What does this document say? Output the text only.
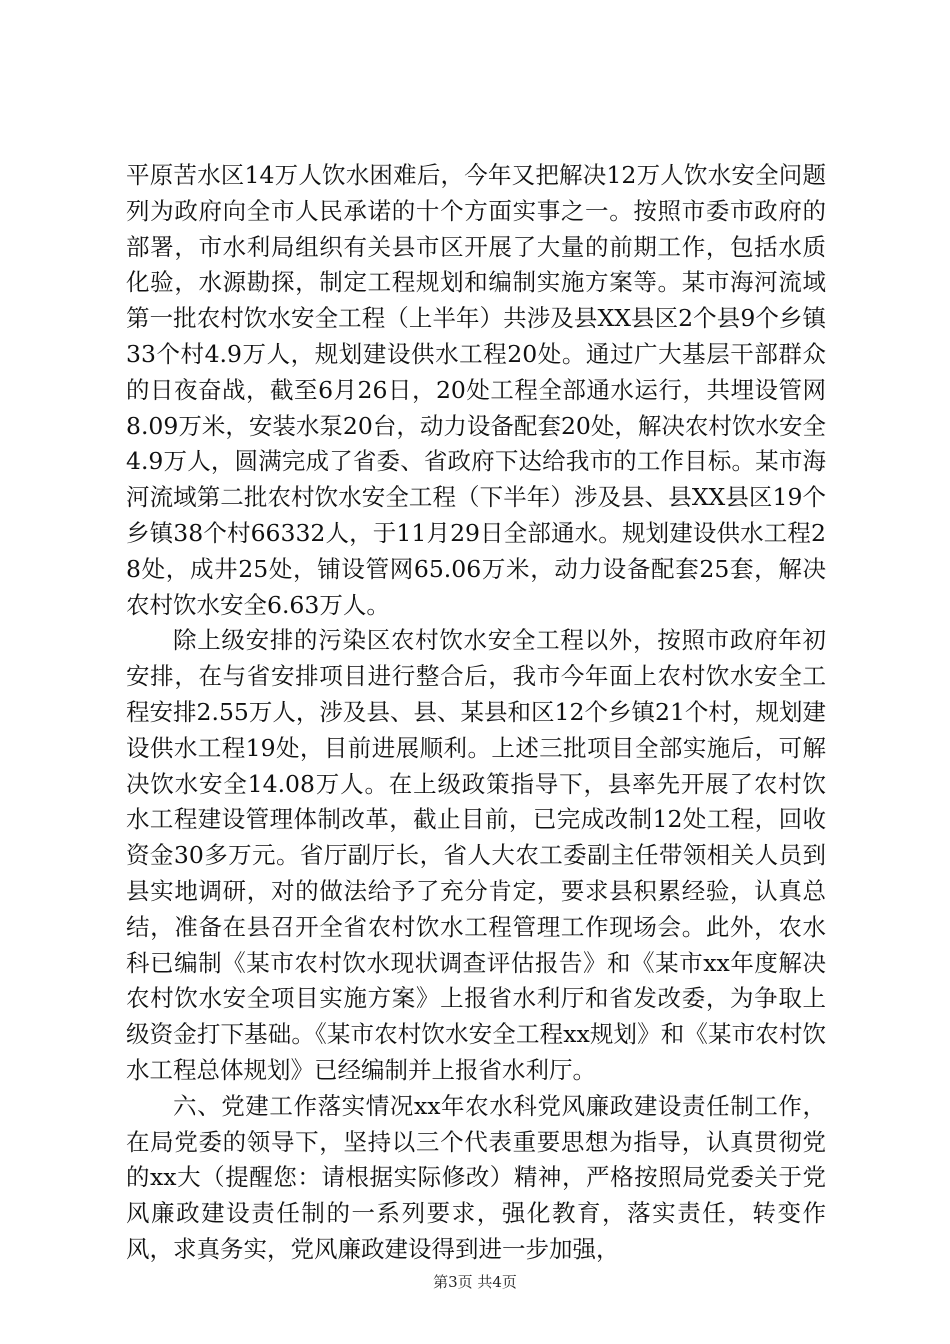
平原苦水区14万人饮水困难后，今年又把解决12万人饮水安全问题列为政府向全市人民承诺的十个方面实事之一。按照市委市政府的部署，市水利局组织有关县市区开展了大量的前期工作，包括水质化验，水源勘探，制定工程规划和编制实施方案等。某市海河流域第一批农村饮水安全工程（上半年）共涉及县XX县区2个县9个乡镇33个村4.9万人，规划建设供水工程20处。通过广大基层干部群众的日夜奋战，截至6月26日，20处工程全部通水运行，共埋设管网8.09万米，安装水泵20台，动力设备配套20处，解决农村饮水安全4.9万人，圆满完成了省委、省政府下达给我市的工作目标。某市海河流域第二批农村饮水安全工程（下半年）涉及县、县XX县区19个乡镇38个村66332人，于11月29日全部通水。规划建设供水工程28处，成井25处，铺设管网65.06万米，动力设备配套25套，解决农村饮水安全6.63万人。

除上级安排的污染区农村饮水安全工程以外，按照市政府年初安排，在与省安排项目进行整合后，我市今年面上农村饮水安全工程安排2.55万人，涉及县、县、某县和区12个乡镇21个村，规划建设供水工程19处，目前进展顺利。上述三批项目全部实施后，可解决饮水安全14.08万人。在上级政策指导下，县率先开展了农村饮水工程建设管理体制改革，截止目前，已完成改制12处工程，回收资金30多万元。省厅副厅长，省人大农工委副主任带领相关人员到县实地调研，对的做法给予了充分肯定，要求县积累经验，认真总结，准备在县召开全省农村饮水工程管理工作现场会。此外，农水科已编制《某市农村饮水现状调查评估报告》和《某市xx年度解决农村饮水安全项目实施方案》上报省水利厅和省发改委，为争取上级资金打下基础。《某市农村饮水安全工程xx规划》和《某市农村饮水工程总体规划》已经编制并上报省水利厅。

六、党建工作落实情况xx年农水科党风廉政建设责任制工作，在局党委的领导下，坚持以三个代表重要思想为指导，认真贯彻党的xx大（提醒您：请根据实际修改）精神，严格按照局党委关于党风廉政建设责任制的一系列要求，强化教育，落实责任，转变作风，求真务实，党风廉政建设得到进一步加强，

第3页 共4页
